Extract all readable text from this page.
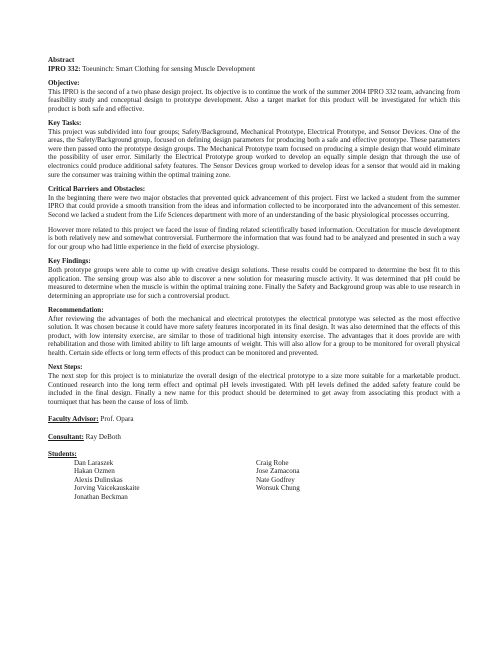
Abstract
IPRO 332: Toeuninch: Smart Clothing for sensing Muscle Development
Objective:

This IPRO is the second of a two phase design project. Its objective is to continue the work of the summer 2004 IPRO 332 team, advancing from feasibility study and conceptual design to prototype development. Also a target market for this product will be investigated for which this product is both safe and effective.

Key Tasks:

This project was subdivided into four groups; Safety/Background, Mechanical Prototype, Electrical Prototype, and Sensor Devices. One of the areas, the Safety/Background group, focused on defining design parameters for producing both a safe and effective prototype. These parameters were then passed onto the prototype design groups. The Mechanical Prototype team focused on producing a simple design that would eliminate the possibility of user error. Similarly the Electrical Prototype group worked to develop an equally simple design that through the use of electronics could produce additional safety features. The Sensor Devices group worked to develop ideas for a sensor that would aid in making sure the consumer was training within the optimal training zone.

Critical Barriers and Obstacles:

In the beginning there were two major obstacles that prevented quick advancement of this project. First we lacked a student from the summer IPRO that could provide a smooth transition from the ideas and information collected to be incorporated into the advancement of this semester. Second we lacked a student from the Life Sciences department with more of an understanding of the basic physiological processes occurring.

However more related to this project we faced the issue of finding related scientifically based information. Occultation for muscle development is both relatively new and somewhat controversial. Furthermore the information that was found had to be analyzed and presented in such a way for our group who had little experience in the field of exercise physiology.

Key Findings:

Both prototype groups were able to come up with creative design solutions. These results could be compared to determine the best fit to this application. The sensing group was also able to discover a new solution for measuring muscle activity. It was determined that pH could be measured to determine when the muscle is within the optimal training zone. Finally the Safety and Background group was able to use research in determining an appropriate use for such a controversial product.

Recommendation:

After reviewing the advantages of both the mechanical and electrical prototypes the electrical prototype was selected as the most effective solution. It was chosen because it could have more safety features incorporated in its final design. It was also determined that the effects of this product, with low intensity exercise, are similar to those of traditional high intensity exercise. The advantages that it does provide are with rehabilitation and those with limited ability to lift large amounts of weight. This will also allow for a group to be monitored for overall physical health. Certain side effects or long term effects of this product can be monitored and prevented.

Next Steps:

The next step for this project is to miniaturize the overall design of the electrical prototype to a size more suitable for a marketable product. Continued research into the long term effect and optimal pH levels investigated. With pH levels defined the added safety feature could be included in the final design. Finally a new name for this product should be determined to get away from associating this product with a tourniquet that has been the cause of loss of limb.

Faculty Advisor: Prof. Opara
Consultant: Ray DeBoth
Students:
Dan Laraszek
Hakan Ozmen
Alexis Dulinskas
Jorving Vaicekauskaite
Jonathan Beckman
Craig Rohe
Jose Zamacona
Nate Godfrey
Wonsuk Chung
